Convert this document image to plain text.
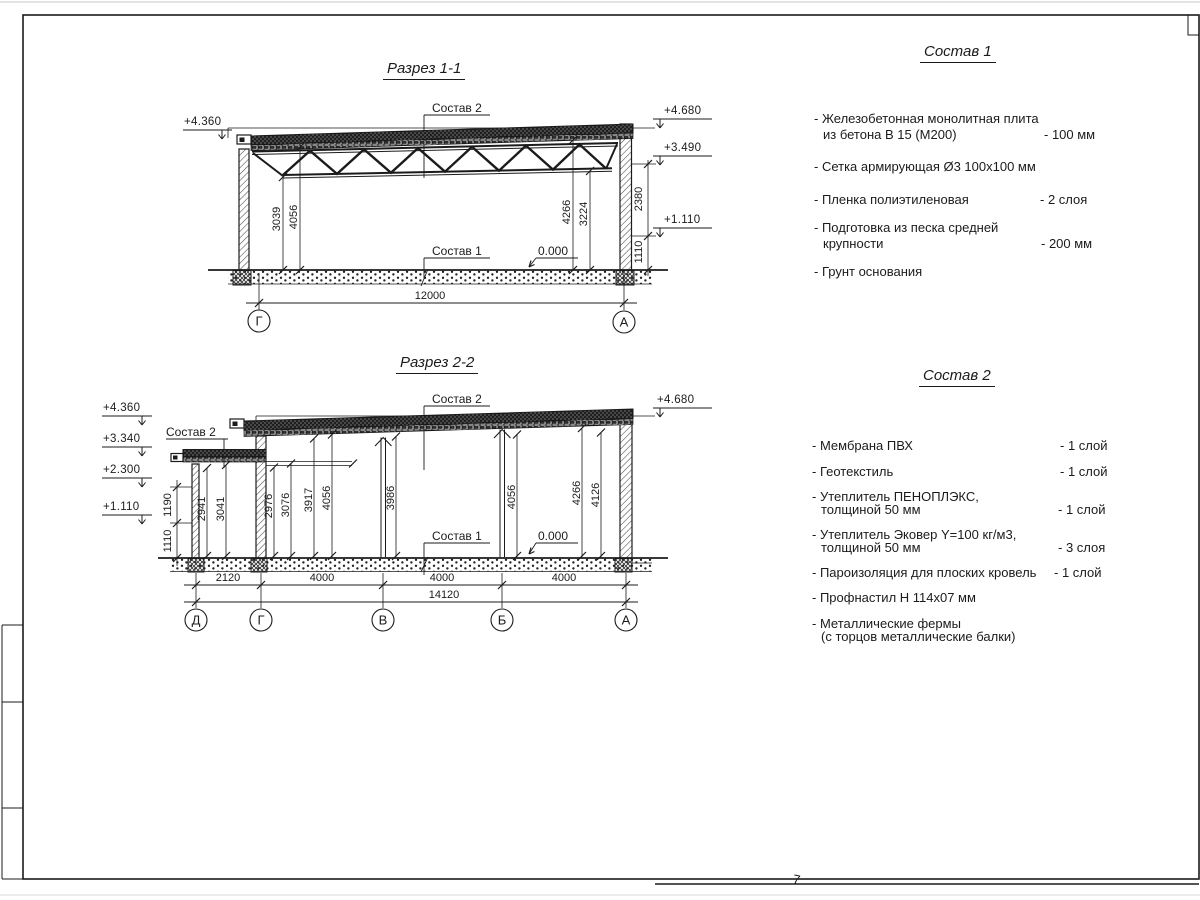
Разрез 1-1
+4.360
+4.680
+3.490
+1.110
2380
1110
3039 4056	4266 3224
Состав 2
Состав 1	0.000
12000
Г	А
Разрез 2-2
+4.360
+3.340
+2.300
+1.110
+4.680
1190
1110
2941 3041	2976 3076 3917 4056	3986	4056	4266 4126
Состав 2
Состав 2
Состав 1	0.000
2120	4000	4000	4000
14120
Д	Г	В	Б	А
Состав 1
- Железобетонная монолитная плита
из бетона В 15 (М200)	- 100 мм
- Сетка армирующая Ø3 100х100 мм
- Пленка полиэтиленовая	- 2 слоя
- Подготовка из песка средней
крупности	- 200 мм
- Грунт основания
Состав 2
- Мембрана ПВХ	- 1 слой
- Геотекстиль	- 1 слой
- Утеплитель ПЕНОПЛЭКС,
толщиной 50 мм	- 1 слой
- Утеплитель Эковер Y=100 кг/м3,
толщиной 50 мм	- 3 слоя
- Пароизоляция для плоских кровель - 1 слой
- Профнастил Н 114х07 мм
- Металлические фермы
(с торцов металлические балки)
7
